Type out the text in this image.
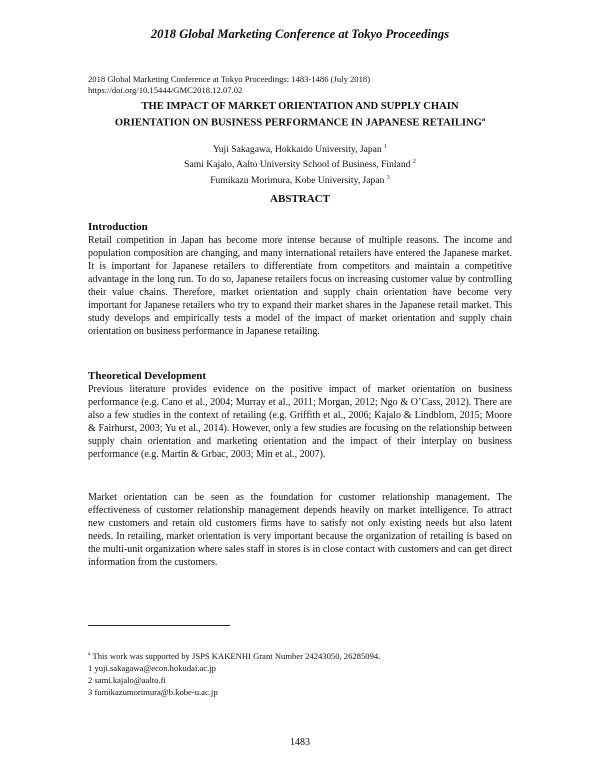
2018 Global Marketing Conference at Tokyo Proceedings
2018 Global Marketing Conference at Tokyo Proceedings: 1483-1486 (July 2018)
https://doi.org/10.15444/GMC2018.12.07.02
THE IMPACT OF MARKET ORIENTATION AND SUPPLY CHAIN
ORIENTATION ON BUSINESS PERFORMANCE IN JAPANESE RETAILING$^a$
Yuji Sakagawa, Hokkaido University, Japan $^1$
Sami Kajalo, Aalto University School of Business, Finland $^2$
Fumikazu Morimura, Kobe University, Japan $^3$
ABSTRACT
Introduction

Retail competition in Japan has become more intense because of multiple reasons. The income and population composition are changing, and many international retailers have entered the Japanese market. It is important for Japanese retailers to differentiate from competitors and maintain a competitive advantage in the long run. To do so, Japanese retailers focus on increasing customer value by controlling their value chains. Therefore, market orientation and supply chain orientation have become very important for Japanese retailers who try to expand their market shares in the Japanese retail market. This study develops and empirically tests a model of the impact of market orientation and supply chain orientation on business performance in Japanese retailing.

Theoretical Development

Previous literature provides evidence on the positive impact of market orientation on business performance (e.g. Cano et al., 2004; Murray et al., 2011; Morgan, 2012; Ngo & O’Cass, 2012). There are also a few studies in the context of retailing (e.g. Griffith et al., 2006; Kajalo & Lindblom, 2015; Moore & Fairhurst, 2003; Yu et al., 2014). However, only a few studies are focusing on the relationship between supply chain orientation and marketing orientation and the impact of their interplay on business performance (e.g. Martin & Grbac, 2003; Min et al., 2007).

Market orientation can be seen as the foundation for customer relationship management. The effectiveness of customer relationship management depends heavily on market intelligence. To attract new customers and retain old customers firms have to satisfy not only existing needs but also latent needs. In retailing, market orientation is very important because the organization of retailing is based on the multi-unit organization where sales staff in stores is in close contact with customers and can get direct information from the customers.

$^a$ This work was supported by JSPS KAKENHI Grant Number 24243050, 26285094.
1 yuji.sakagawa@econ.hokudai.ac.jp
2 sami.kajalo@aalto.fi
3 fumikazumorimura@b.kobe-u.ac.jp
1483
